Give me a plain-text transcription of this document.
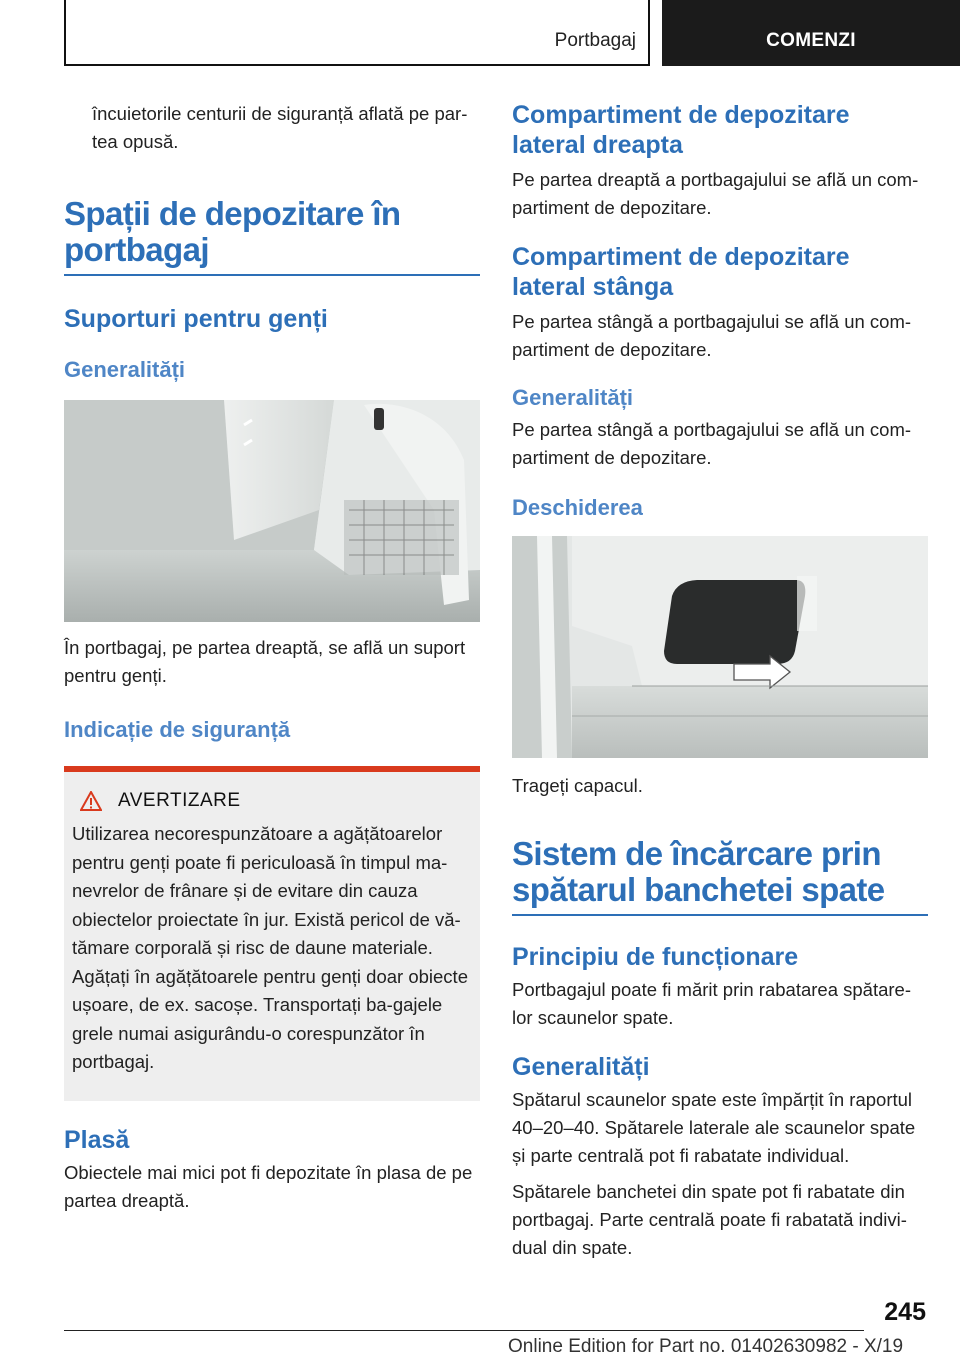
Portbagaj	COMENZI

încuietorile centurii de siguranță aflată pe par-
tea opusă.

Spații de depozitare în portbagaj
Suporturi pentru genți
Generalități

În portbagaj, pe partea dreaptă, se află un suport pentru genți.

Indicație de siguranță
AVERTIZARE

Utilizarea necorespunzătoare a agățătoarelor pentru genți poate fi periculoasă în timpul ma-nevrelor de frânare și de evitare din cauza obiectelor proiectate în jur. Există pericol de vă-tămare corporală și risc de daune materiale. Agățați în agățătoarele pentru genți doar obiecte ușoare, de ex. sacoșe. Transportați ba-gajele grele numai asigurându-o corespunzător în portbagaj.

Plasă

Obiectele mai mici pot fi depozitate în plasa de pe partea dreaptă.

Compartiment de depozitare lateral dreapta

Pe partea dreaptă a portbagajului se află un com-partiment de depozitare.

Compartiment de depozitare lateral stânga

Pe partea stângă a portbagajului se află un com-partiment de depozitare.

Generalități

Pe partea stângă a portbagajului se află un com-partiment de depozitare.

Deschiderea

Trageți capacul.

Sistem de încărcare prin spătarul banchetei spate
Principiu de funcționare

Portbagajul poate fi mărit prin rabatarea spătare-lor scaunelor spate.

Generalități

Spătarul scaunelor spate este împărțit în raportul 40–20–40. Spătarele laterale ale scaunelor spate și parte centrală pot fi rabatate individual.

Spătarele banchetei din spate pot fi rabatate din portbagaj. Parte centrală poate fi rabatată indivi-dual din spate.

245
Online Edition for Part no. 01402630982 - X/19
